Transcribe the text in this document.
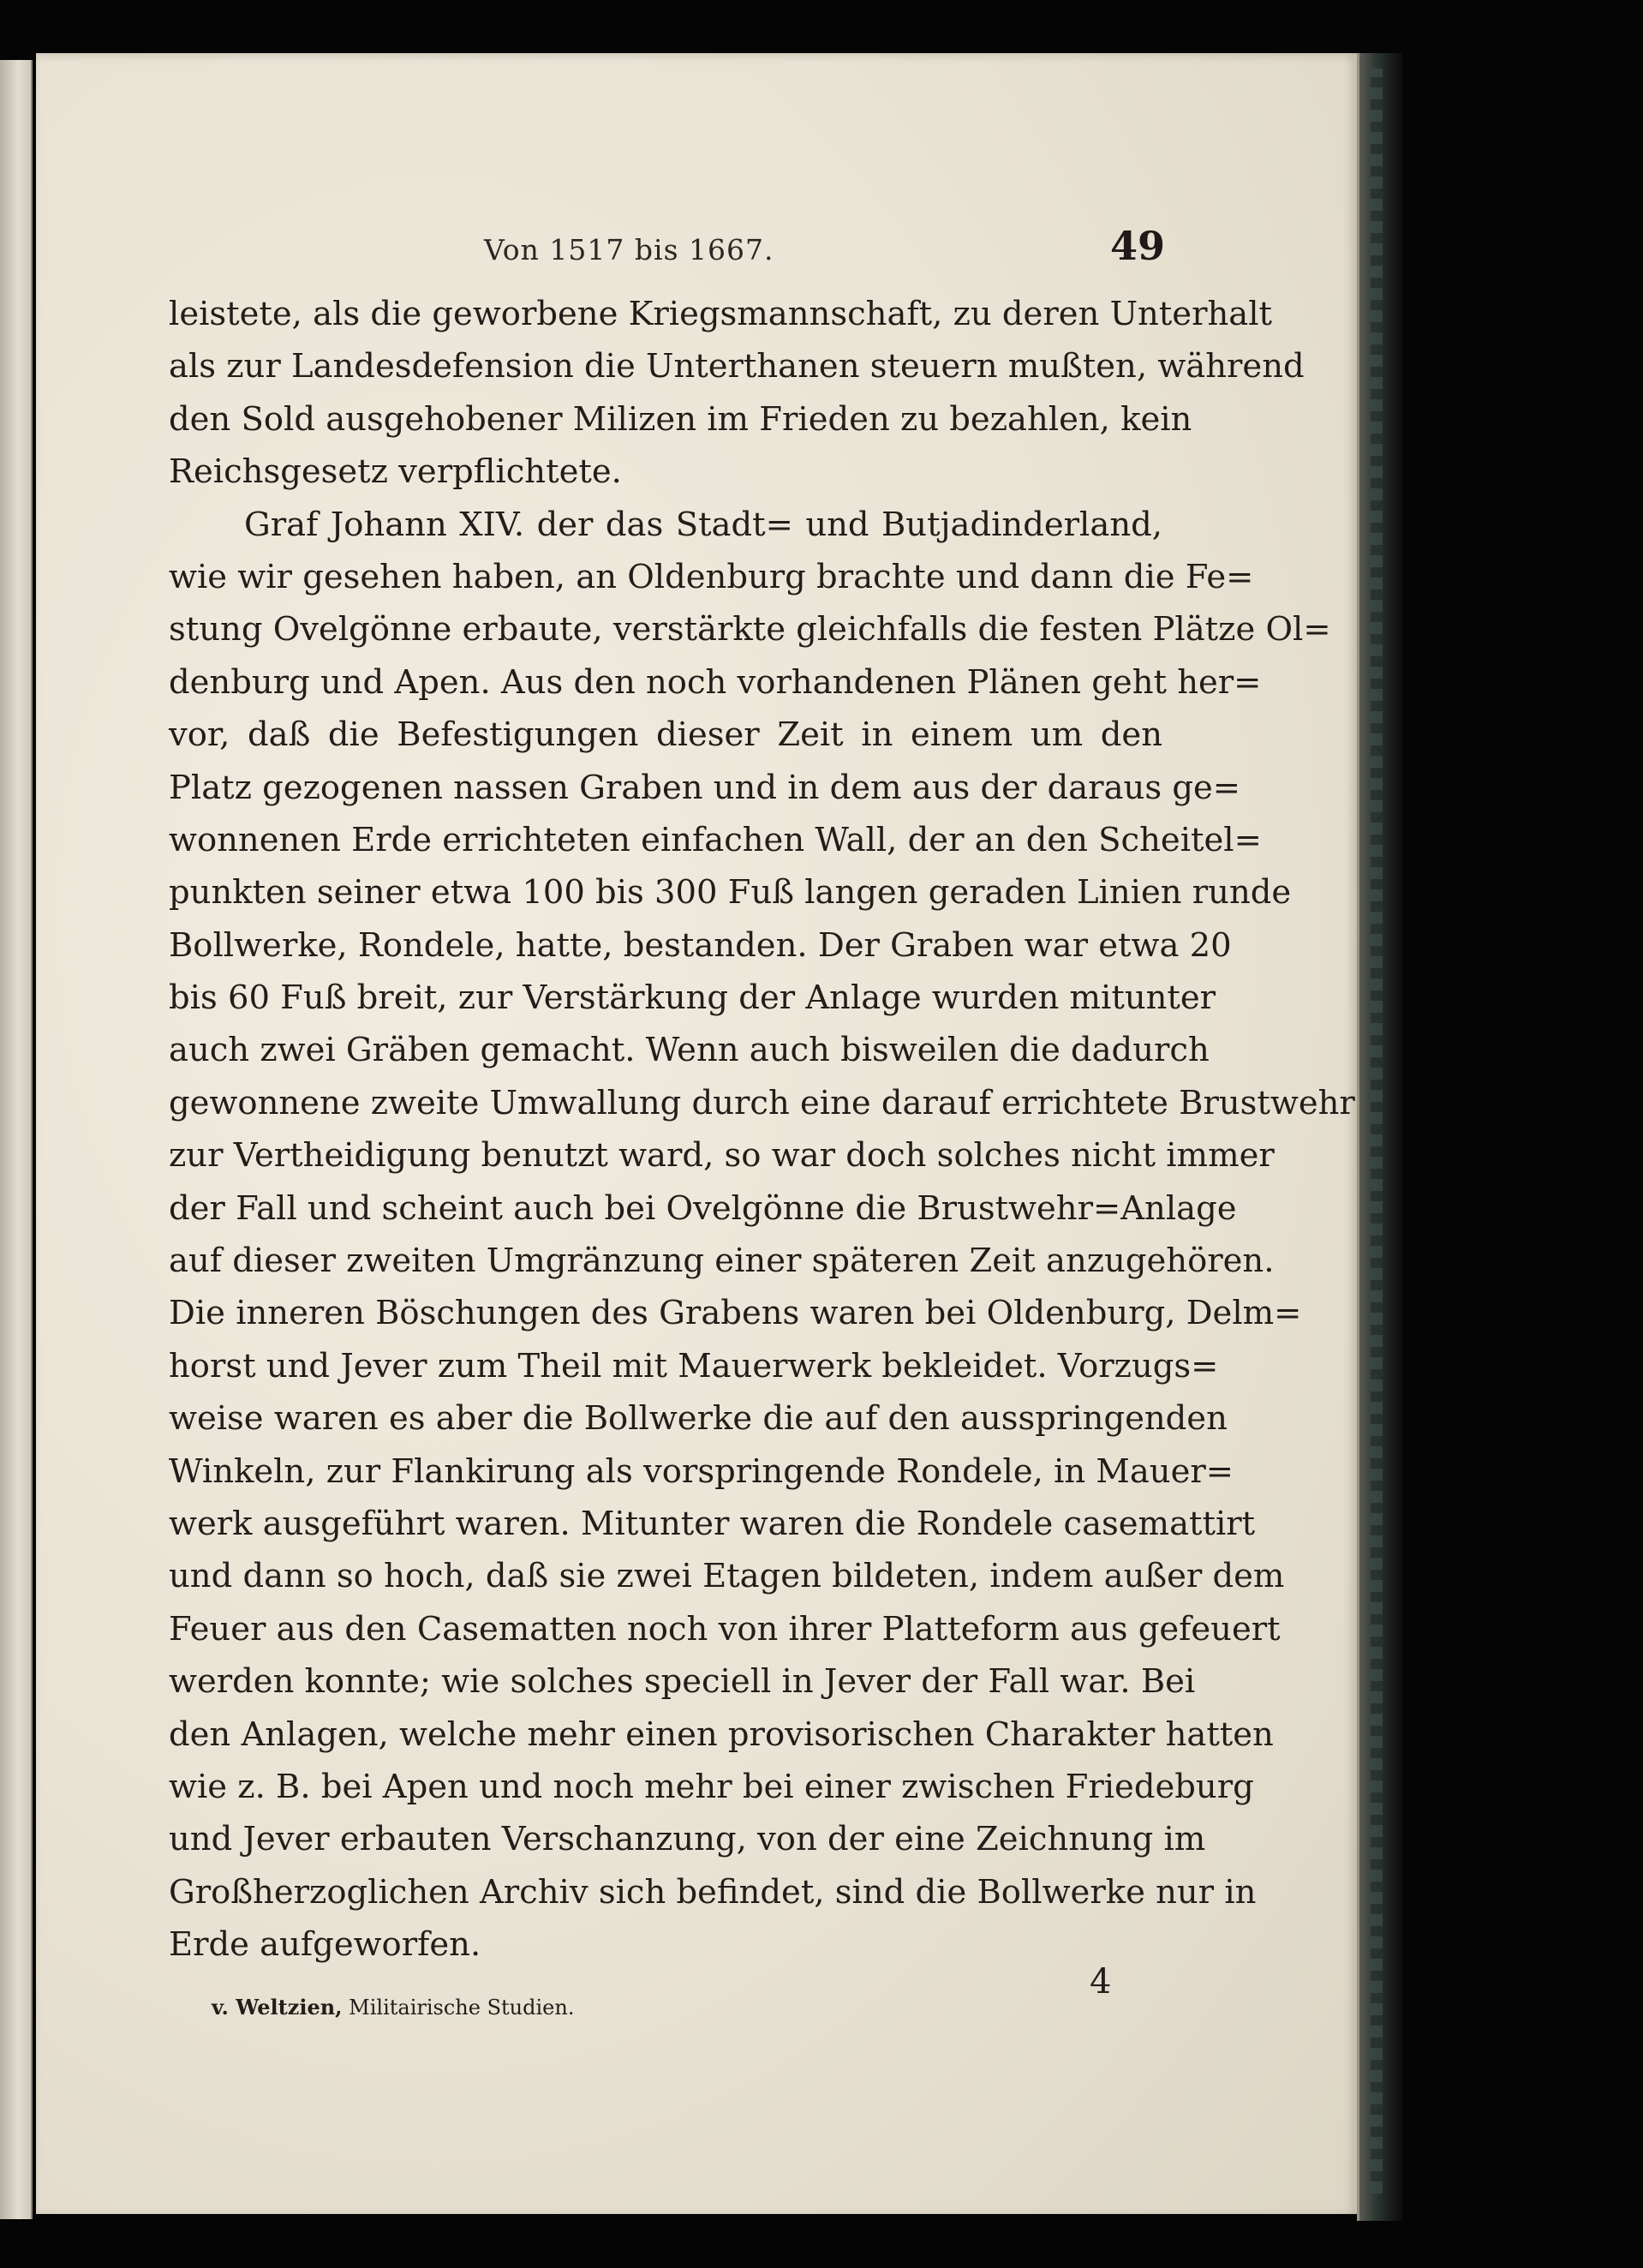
Von 1517 bis 1667.	49
leistete, als die geworbene Kriegsmannschaft, zu deren Unterhalt
als zur Landesdefension die Unterthanen steuern mußten, während
den Sold ausgehobener Milizen im Frieden zu bezahlen, kein
Reichsgesetz verpflichtete.
Graf Johann XIV. der das Stadt= und Butjadinderland,
wie wir gesehen haben, an Oldenburg brachte und dann die Fe=
stung Ovelgönne erbaute, verstärkte gleichfalls die festen Plätze Ol=
denburg und Apen. Aus den noch vorhandenen Plänen geht her=
vor, daß die Befestigungen dieser Zeit in einem um den
Platz gezogenen nassen Graben und in dem aus der daraus ge=
wonnenen Erde errichteten einfachen Wall, der an den Scheitel=
punkten seiner etwa 100 bis 300 Fuß langen geraden Linien runde
Bollwerke, Rondele, hatte, bestanden. Der Graben war etwa 20
bis 60 Fuß breit, zur Verstärkung der Anlage wurden mitunter
auch zwei Gräben gemacht. Wenn auch bisweilen die dadurch
gewonnene zweite Umwallung durch eine darauf errichtete Brustwehr
zur Vertheidigung benutzt ward, so war doch solches nicht immer
der Fall und scheint auch bei Ovelgönne die Brustwehr=Anlage
auf dieser zweiten Umgränzung einer späteren Zeit anzugehören.
Die inneren Böschungen des Grabens waren bei Oldenburg, Delm=
horst und Jever zum Theil mit Mauerwerk bekleidet. Vorzugs=
weise waren es aber die Bollwerke die auf den ausspringenden
Winkeln, zur Flankirung als vorspringende Rondele, in Mauer=
werk ausgeführt waren. Mitunter waren die Rondele casemattirt
und dann so hoch, daß sie zwei Etagen bildeten, indem außer dem
Feuer aus den Casematten noch von ihrer Platteform aus gefeuert
werden konnte; wie solches speciell in Jever der Fall war. Bei
den Anlagen, welche mehr einen provisorischen Charakter hatten
wie z. B. bei Apen und noch mehr bei einer zwischen Friedeburg
und Jever erbauten Verschanzung, von der eine Zeichnung im
Großherzoglichen Archiv sich befindet, sind die Bollwerke nur in
Erde aufgeworfen.
4
v. Weltzien, Militairische Studien.
